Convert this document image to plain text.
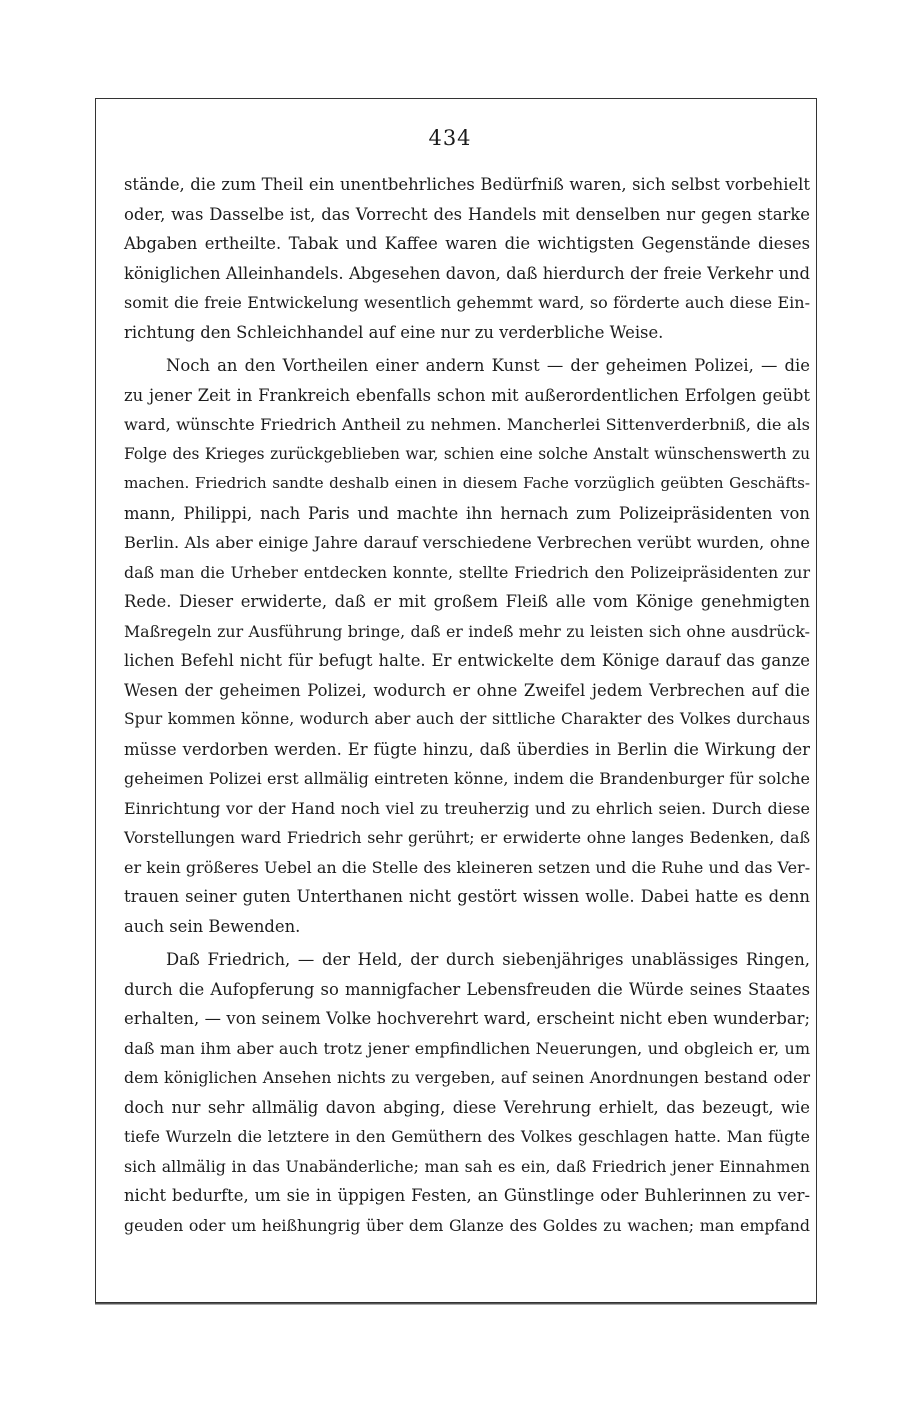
434
stände, die zum Theil ein unentbehrliches Bedürfniß waren, sich selbst vorbehielt
oder, was Dasselbe ist, das Vorrecht des Handels mit denselben nur gegen starke
Abgaben ertheilte. Tabak und Kaffee waren die wichtigsten Gegenstände dieses
königlichen Alleinhandels. Abgesehen davon, daß hierdurch der freie Verkehr und
somit die freie Entwickelung wesentlich gehemmt ward, so förderte auch diese Ein-
richtung den Schleichhandel auf eine nur zu verderbliche Weise.
Noch an den Vortheilen einer andern Kunst — der geheimen Polizei, — die
zu jener Zeit in Frankreich ebenfalls schon mit außerordentlichen Erfolgen geübt
ward, wünschte Friedrich Antheil zu nehmen. Mancherlei Sittenverderbniß, die als
Folge des Krieges zurückgeblieben war, schien eine solche Anstalt wünschenswerth zu
machen. Friedrich sandte deshalb einen in diesem Fache vorzüglich geübten Geschäfts-
mann, Philippi, nach Paris und machte ihn hernach zum Polizeipräsidenten von
Berlin. Als aber einige Jahre darauf verschiedene Verbrechen verübt wurden, ohne
daß man die Urheber entdecken konnte, stellte Friedrich den Polizeipräsidenten zur
Rede. Dieser erwiderte, daß er mit großem Fleiß alle vom Könige genehmigten
Maßregeln zur Ausführung bringe, daß er indeß mehr zu leisten sich ohne ausdrück-
lichen Befehl nicht für befugt halte. Er entwickelte dem Könige darauf das ganze
Wesen der geheimen Polizei, wodurch er ohne Zweifel jedem Verbrechen auf die
Spur kommen könne, wodurch aber auch der sittliche Charakter des Volkes durchaus
müsse verdorben werden. Er fügte hinzu, daß überdies in Berlin die Wirkung der
geheimen Polizei erst allmälig eintreten könne, indem die Brandenburger für solche
Einrichtung vor der Hand noch viel zu treuherzig und zu ehrlich seien. Durch diese
Vorstellungen ward Friedrich sehr gerührt; er erwiderte ohne langes Bedenken, daß
er kein größeres Uebel an die Stelle des kleineren setzen und die Ruhe und das Ver-
trauen seiner guten Unterthanen nicht gestört wissen wolle. Dabei hatte es denn
auch sein Bewenden.
Daß Friedrich, — der Held, der durch siebenjähriges unablässiges Ringen,
durch die Aufopferung so mannigfacher Lebensfreuden die Würde seines Staates
erhalten, — von seinem Volke hochverehrt ward, erscheint nicht eben wunderbar;
daß man ihm aber auch trotz jener empfindlichen Neuerungen, und obgleich er, um
dem königlichen Ansehen nichts zu vergeben, auf seinen Anordnungen bestand oder
doch nur sehr allmälig davon abging, diese Verehrung erhielt, das bezeugt, wie
tiefe Wurzeln die letztere in den Gemüthern des Volkes geschlagen hatte. Man fügte
sich allmälig in das Unabänderliche; man sah es ein, daß Friedrich jener Einnahmen
nicht bedurfte, um sie in üppigen Festen, an Günstlinge oder Buhlerinnen zu ver-
geuden oder um heißhungrig über dem Glanze des Goldes zu wachen; man empfand
